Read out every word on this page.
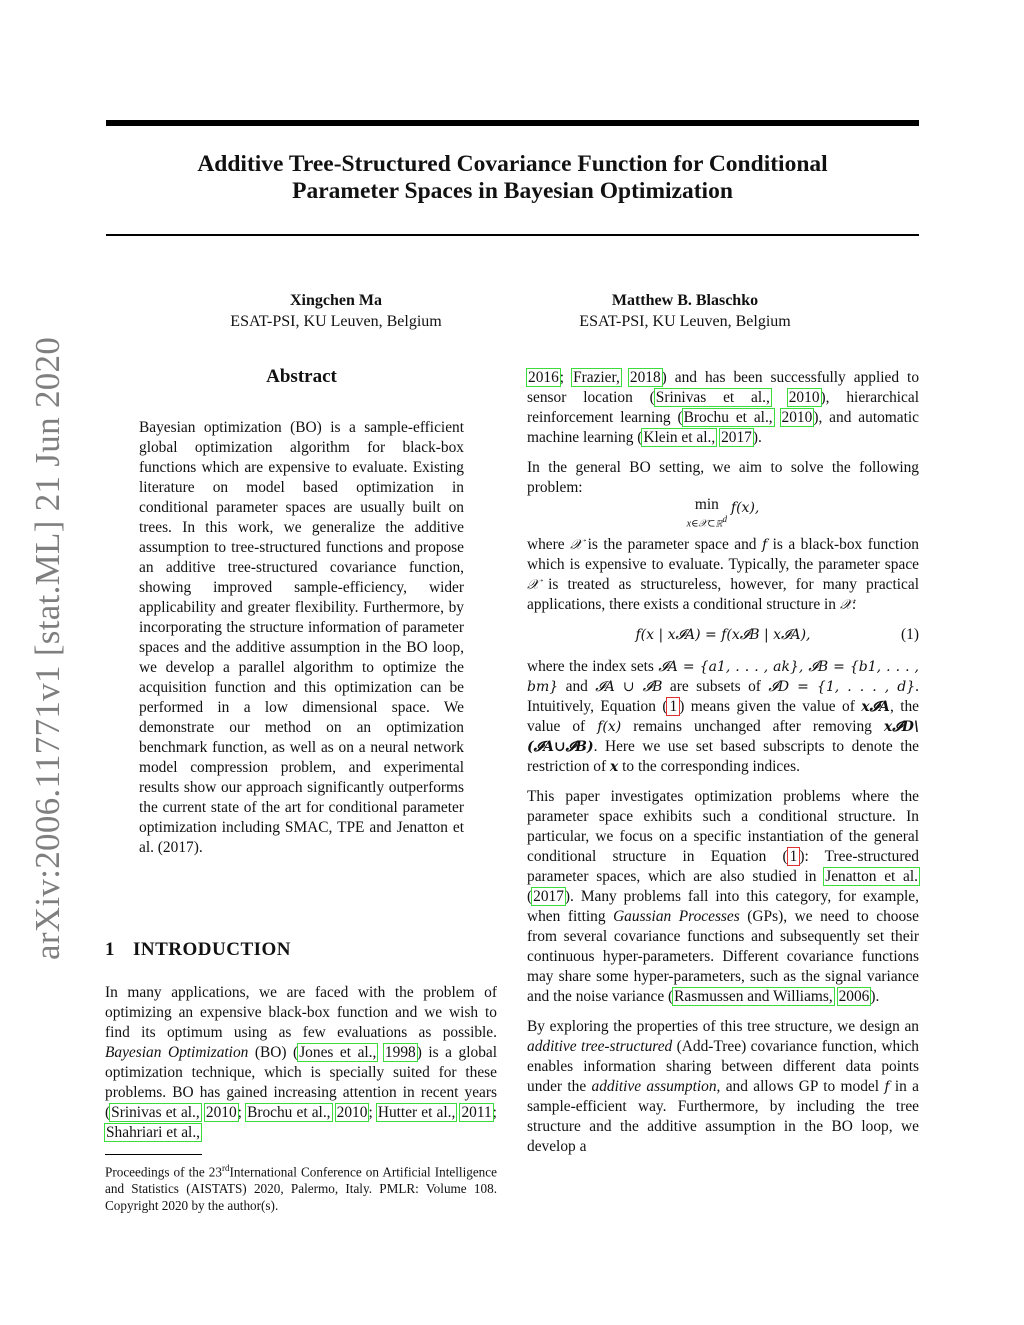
arXiv:2006.11771v1 [stat.ML] 21 Jun 2020
Additive Tree-Structured Covariance Function for Conditional
Parameter Spaces in Bayesian Optimization
Xingchen Ma
ESAT-PSI, KU Leuven, Belgium
Matthew B. Blaschko
ESAT-PSI, KU Leuven, Belgium
Abstract
Bayesian optimization (BO) is a sample-efficient global optimization algorithm for black-box functions which are expensive to evaluate. Existing literature on model based optimization in conditional parameter spaces are usually built on trees. In this work, we generalize the additive assumption to tree-structured functions and propose an additive tree-structured covariance function, showing improved sample-efficiency, wider applicability and greater flexibility. Furthermore, by incorporating the structure information of parameter spaces and the additive assumption in the BO loop, we develop a parallel algorithm to optimize the acquisition function and this optimization can be performed in a low dimensional space. We demonstrate our method on an optimization benchmark function, as well as on a neural network model compression problem, and experimental results show our approach significantly outperforms the current state of the art for conditional parameter optimization including SMAC, TPE and Jenatton et al. (2017).
1 INTRODUCTION
In many applications, we are faced with the problem of optimizing an expensive black-box function and we wish to find its optimum using as few evaluations as possible. Bayesian Optimization (BO) (Jones et al., 1998) is a global optimization technique, which is specially suited for these problems. BO has gained increasing attention in recent years (Srinivas et al., 2010; Brochu et al., 2010; Hutter et al., 2011; Shahriari et al.,
Proceedings of the 23rdInternational Conference on Artificial Intelligence and Statistics (AISTATS) 2020, Palermo, Italy. PMLR: Volume 108. Copyright 2020 by the author(s).

2016; Frazier, 2018) and has been successfully applied to sensor location (Srinivas et al., 2010), hierarchical reinforcement learning (Brochu et al., 2010), and automatic machine learning (Klein et al., 2017).

In the general BO setting, we aim to solve the following problem:

min
x∈𝒳⊂ℝ$^d$
f(x),

where 𝒳 is the parameter space and f is a black-box function which is expensive to evaluate. Typically, the parameter space 𝒳 is treated as structureless, however, for many practical applications, there exists a conditional structure in 𝒳:

f(x | x𝓘A) = f(x𝓘B | x𝓘A),	(1)

where the index sets 𝓘A = {a1, . . . , ak}, 𝓘B = {b1, . . . , bm} and 𝓘A ∪ 𝓘B are subsets of 𝓘D = {1, . . . , d}. Intuitively, Equation ( 1 ) means given the value of x𝓘A, the value of f(x) remains unchanged after removing x𝓘D\(𝓘A∪𝓘B). Here we use set based subscripts to denote the restriction of x to the corresponding indices.

This paper investigates optimization problems where the parameter space exhibits such a conditional structure. In particular, we focus on a specific instantiation of the general conditional structure in Equation ( 1 ): Tree-structured parameter spaces, which are also studied in Jenatton et al. (2017). Many problems fall into this category, for example, when fitting Gaussian Processes (GPs), we need to choose from several covariance functions and subsequently set their continuous hyper-parameters. Different covariance functions may share some hyper-parameters, such as the signal variance and the noise variance (Rasmussen and Williams, 2006).

By exploring the properties of this tree structure, we design an additive tree-structured (Add-Tree) covariance function, which enables information sharing between different data points under the additive assumption, and allows GP to model f in a sample-efficient way. Furthermore, by including the tree structure and the additive assumption in the BO loop, we develop a
